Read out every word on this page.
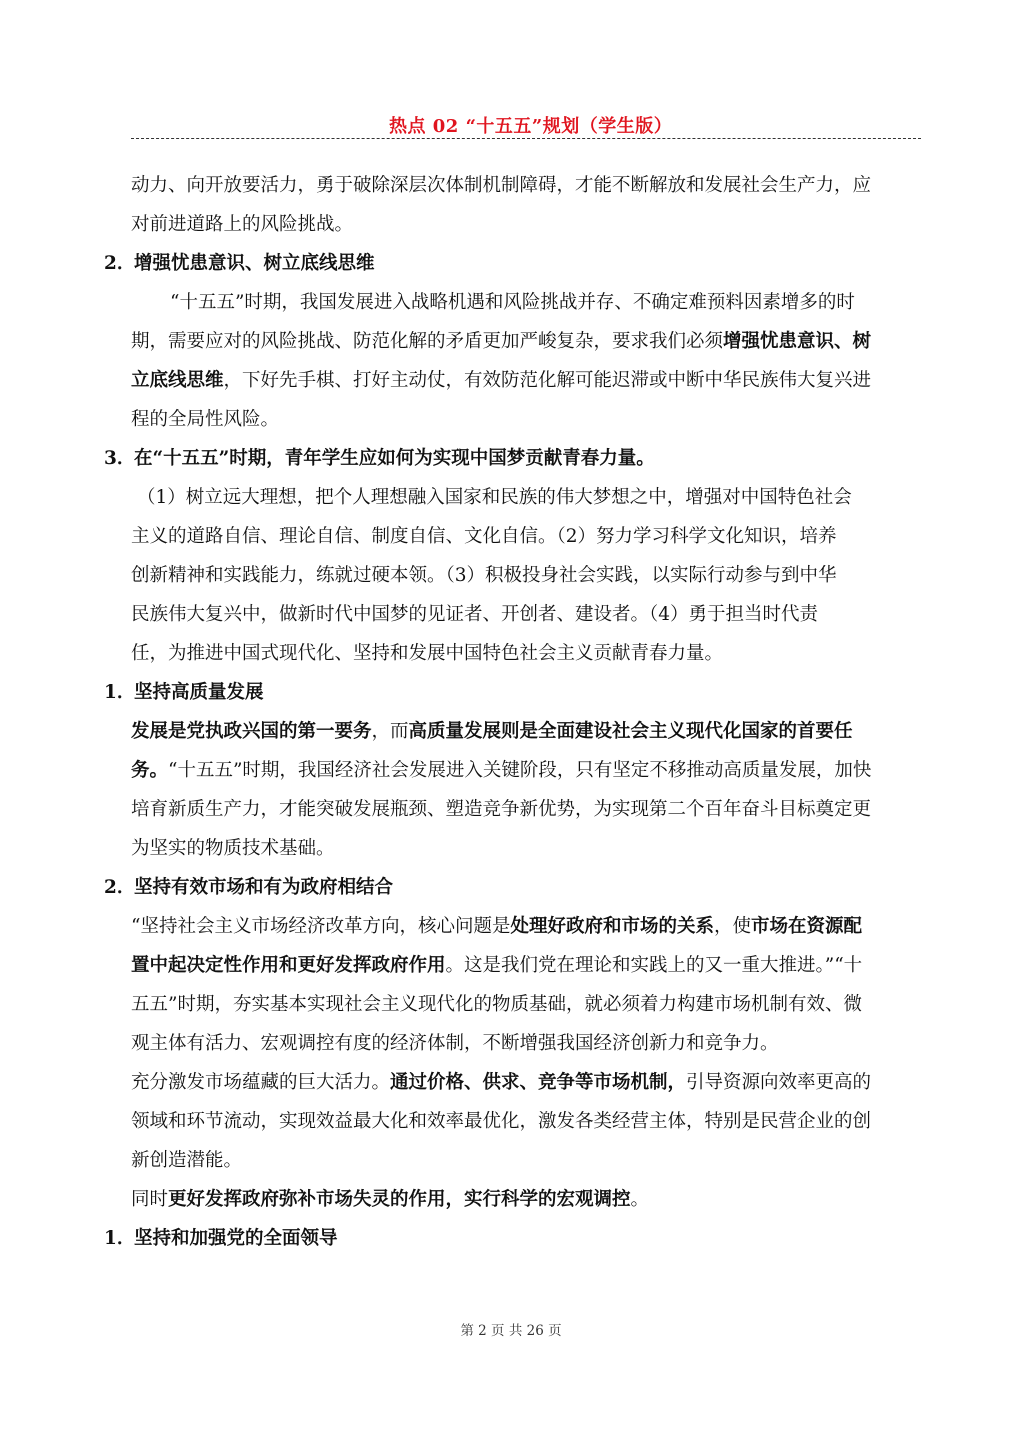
热点 02 “十五五”规划（学生版）
动力、向开放要活力，勇于破除深层次体制机制障碍，才能不断解放和发展社会生产力，应
对前进道路上的风险挑战。
2．增强忧患意识、树立底线思维
“十五五”时期，我国发展进入战略机遇和风险挑战并存、不确定难预料因素增多的时
期，需要应对的风险挑战、防范化解的矛盾更加严峻复杂，要求我们必须增强忧患意识、树
立底线思维，下好先手棋、打好主动仗，有效防范化解可能迟滞或中断中华民族伟大复兴进
程的全局性风险。
3．在“十五五”时期，青年学生应如何为实现中国梦贡献青春力量。
（1）树立远大理想，把个人理想融入国家和民族的伟大梦想之中，增强对中国特色社会
主义的道路自信、理论自信、制度自信、文化自信。（2）努力学习科学文化知识，培养
创新精神和实践能力，练就过硬本领。（3）积极投身社会实践，以实际行动参与到中华
民族伟大复兴中，做新时代中国梦的见证者、开创者、建设者。（4）勇于担当时代责
任，为推进中国式现代化、坚持和发展中国特色社会主义贡献青春力量。
1．坚持高质量发展
发展是党执政兴国的第一要务，而高质量发展则是全面建设社会主义现代化国家的首要任
务。“十五五”时期，我国经济社会发展进入关键阶段，只有坚定不移推动高质量发展，加快
培育新质生产力，才能突破发展瓶颈、塑造竞争新优势，为实现第二个百年奋斗目标奠定更
为坚实的物质技术基础。
2．坚持有效市场和有为政府相结合
“坚持社会主义市场经济改革方向，核心问题是处理好政府和市场的关系，使市场在资源配
置中起决定性作用和更好发挥政府作用。这是我们党在理论和实践上的又一重大推进。”“十
五五”时期，夯实基本实现社会主义现代化的物质基础，就必须着力构建市场机制有效、微
观主体有活力、宏观调控有度的经济体制，不断增强我国经济创新力和竞争力。
充分激发市场蕴藏的巨大活力。通过价格、供求、竞争等市场机制，引导资源向效率更高的
领域和环节流动，实现效益最大化和效率最优化，激发各类经营主体，特别是民营企业的创
新创造潜能。
同时更好发挥政府弥补市场失灵的作用，实行科学的宏观调控。
1．坚持和加强党的全面领导
第 2 页 共 26 页
